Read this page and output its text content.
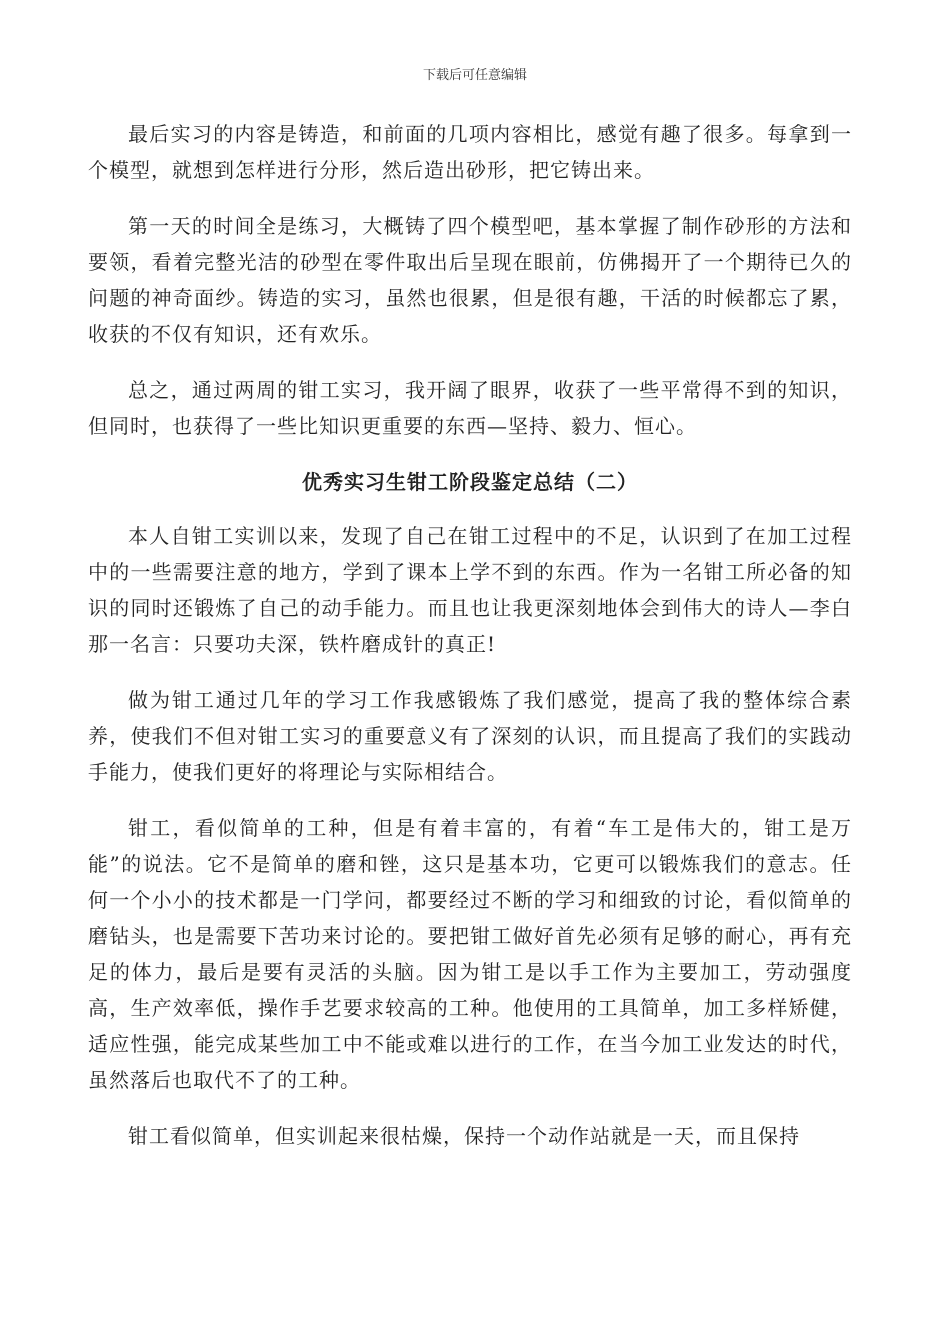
下载后可任意编辑

最后实习的内容是铸造，和前面的几项内容相比，感觉有趣了很多。每拿到一个模型，就想到怎样进行分形，然后造出砂形，把它铸出来。

第一天的时间全是练习，大概铸了四个模型吧，基本掌握了制作砂形的方法和要领，看着完整光洁的砂型在零件取出后呈现在眼前，仿佛揭开了一个期待已久的问题的神奇面纱。铸造的实习，虽然也很累，但是很有趣，干活的时候都忘了累，收获的不仅有知识，还有欢乐。

总之，通过两周的钳工实习，我开阔了眼界，收获了一些平常得不到的知识，但同时，也获得了一些比知识更重要的东西—坚持、毅力、恒心。

优秀实习生钳工阶段鉴定总结（二）

本人自钳工实训以来，发现了自己在钳工过程中的不足，认识到了在加工过程中的一些需要注意的地方，学到了课本上学不到的东西。作为一名钳工所必备的知识的同时还锻炼了自己的动手能力。而且也让我更深刻地体会到伟大的诗人—李白那一名言：只要功夫深，铁杵磨成针的真正!

做为钳工通过几年的学习工作我感锻炼了我们感觉，提高了我的整体综合素养，使我们不但对钳工实习的重要意义有了深刻的认识，而且提高了我们的实践动手能力，使我们更好的将理论与实际相结合。

钳工，看似简单的工种，但是有着丰富的，有着“车工是伟大的，钳工是万能”的说法。它不是简单的磨和锉，这只是基本功，它更可以锻炼我们的意志。任何一个小小的技术都是一门学问，都要经过不断的学习和细致的讨论，看似简单的磨钻头，也是需要下苦功来讨论的。要把钳工做好首先必须有足够的耐心，再有充足的体力，最后是要有灵活的头脑。因为钳工是以手工作为主要加工，劳动强度高，生产效率低，操作手艺要求较高的工种。他使用的工具简单，加工多样矫健，适应性强，能完成某些加工中不能或难以进行的工作，在当今加工业发达的时代，虽然落后也取代不了的工种。

钳工看似简单，但实训起来很枯燥，保持一个动作站就是一天，而且保持
